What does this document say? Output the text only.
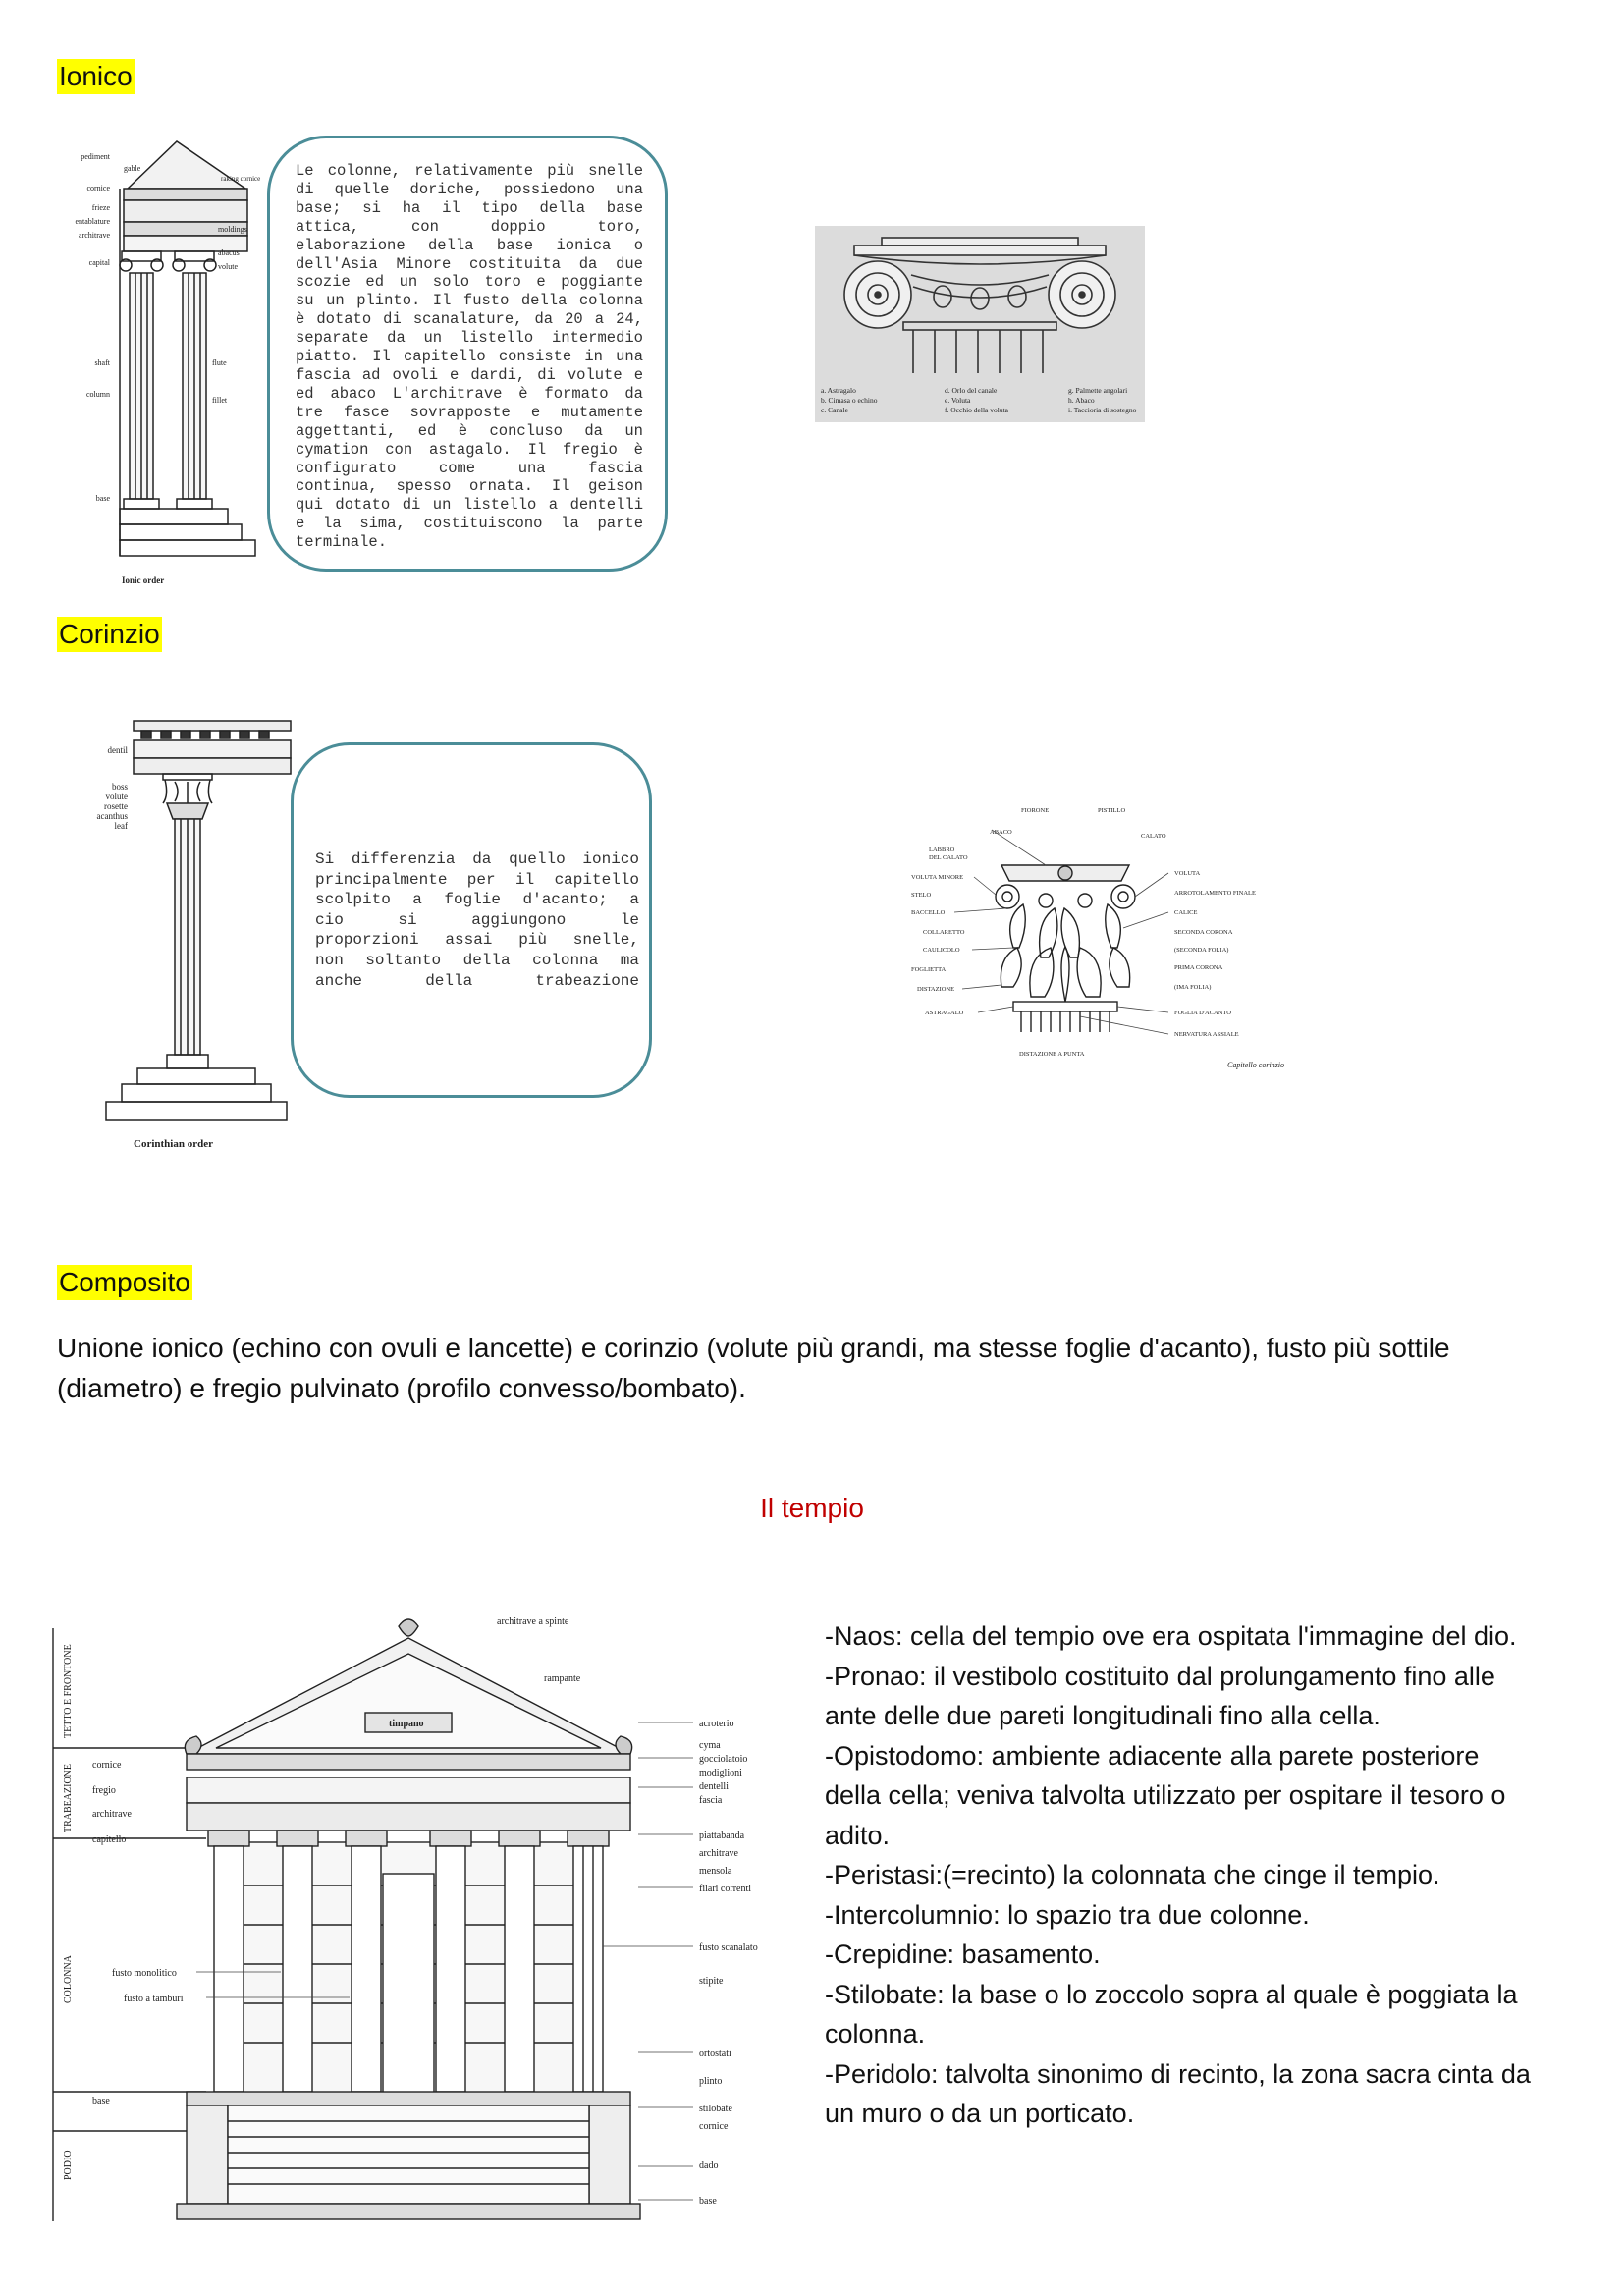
Ionico
pediment
cornice
frieze
entablature
architrave
capital
shaft
column
base
gable
raking cornice
moldings
abacus
volute
flute
fillet
Ionic order
Le colonne, relativamente più snelle
di quelle doriche, possiedono una
base; si ha il tipo della base
attica, con doppio toro,
elaborazione della base ionica o
dell'Asia Minore costituita da due
scozie ed un solo toro e poggiante
su un plinto. Il fusto della colonna
è dotato di scanalature, da 20 a 24,
separate da un listello intermedio
piatto. Il capitello consiste in una
fascia ad ovoli e dardi, di volute e
ed abaco L'architrave è formato da
tre fasce sovrapposte e mutamente
aggettanti, ed è concluso da un
cymation con astagalo. Il fregio è
configurato come una fascia
continua, spesso ornata. Il geison
qui dotato di un listello a dentelli
e la sima, costituiscono la parte
terminale.
a. Astragalo
b. Cimasa o echino
c. Canale
d. Orlo del canale
e. Voluta
f. Occhio della voluta
g. Palmette angolari
h. Abaco
i. Taccioria di sostegno
Corinzio
dentil
boss
volute
rosette
acanthus
leaf
Corinthian order
Si differenzia da quello ionico
principalmente per il capitello
scolpito a foglie d'acanto; a
cio si aggiungono le
proporzioni assai più snelle,
non soltanto della colonna ma
anche della trabeazione
FIORONE
ABACO
LABBRO
DEL CALATO
VOLUTA MINORE
STELO
BACCELLO
COLLARETTO
CAULICOLO
FOGLIETTA
DISTAZIONE
ASTRAGALO
PISTILLO
CALATO
VOLUTA
ARROTOLAMENTO FINALE
CALICE
SECONDA CORONA
(SECONDA FOLIA)
PRIMA CORONA
(IMA FOLIA)
FOGLIA D'ACANTO
NERVATURA ASSIALE
DISTAZIONE A PUNTA
Capitello corinzio
Composito
Unione ionico (echino con ovuli e lancette) e corinzio (volute più grandi, ma stesse foglie d'acanto), fusto più sottile
(diametro) e fregio pulvinato (profilo convesso/bombato).
Il tempio
TETTO E FRONTONE
TRABEAZIONE
COLONNA
PODIO
cornice
fregio
architrave
capitello
fusto monolitico
fusto a tamburi
base
architrave a spinte
rampante
timpano	acroterio
cyma
gocciolatoio
modiglioni
dentelli
fascia
piattabanda
architrave
mensola
filari correnti
fusto scanalato
stipite
ortostati
plinto
stilobate
cornice
dado
base
-Naos: cella del tempio ove era ospitata l'immagine del dio.
-Pronao: il vestibolo costituito dal prolungamento fino alle
ante delle due pareti longitudinali fino alla cella.
-Opistodomo: ambiente adiacente alla parete posteriore
della cella; veniva talvolta utilizzato per ospitare il tesoro o
adito.
-Peristasi:(=recinto) la colonnata che cinge il tempio.
-Intercolumnio: lo spazio tra due colonne.
-Crepidine: basamento.
-Stilobate: la base o lo zoccolo sopra al quale è poggiata la
colonna.
-Peridolo: talvolta sinonimo di recinto, la zona sacra cinta da
un muro o da un porticato.
